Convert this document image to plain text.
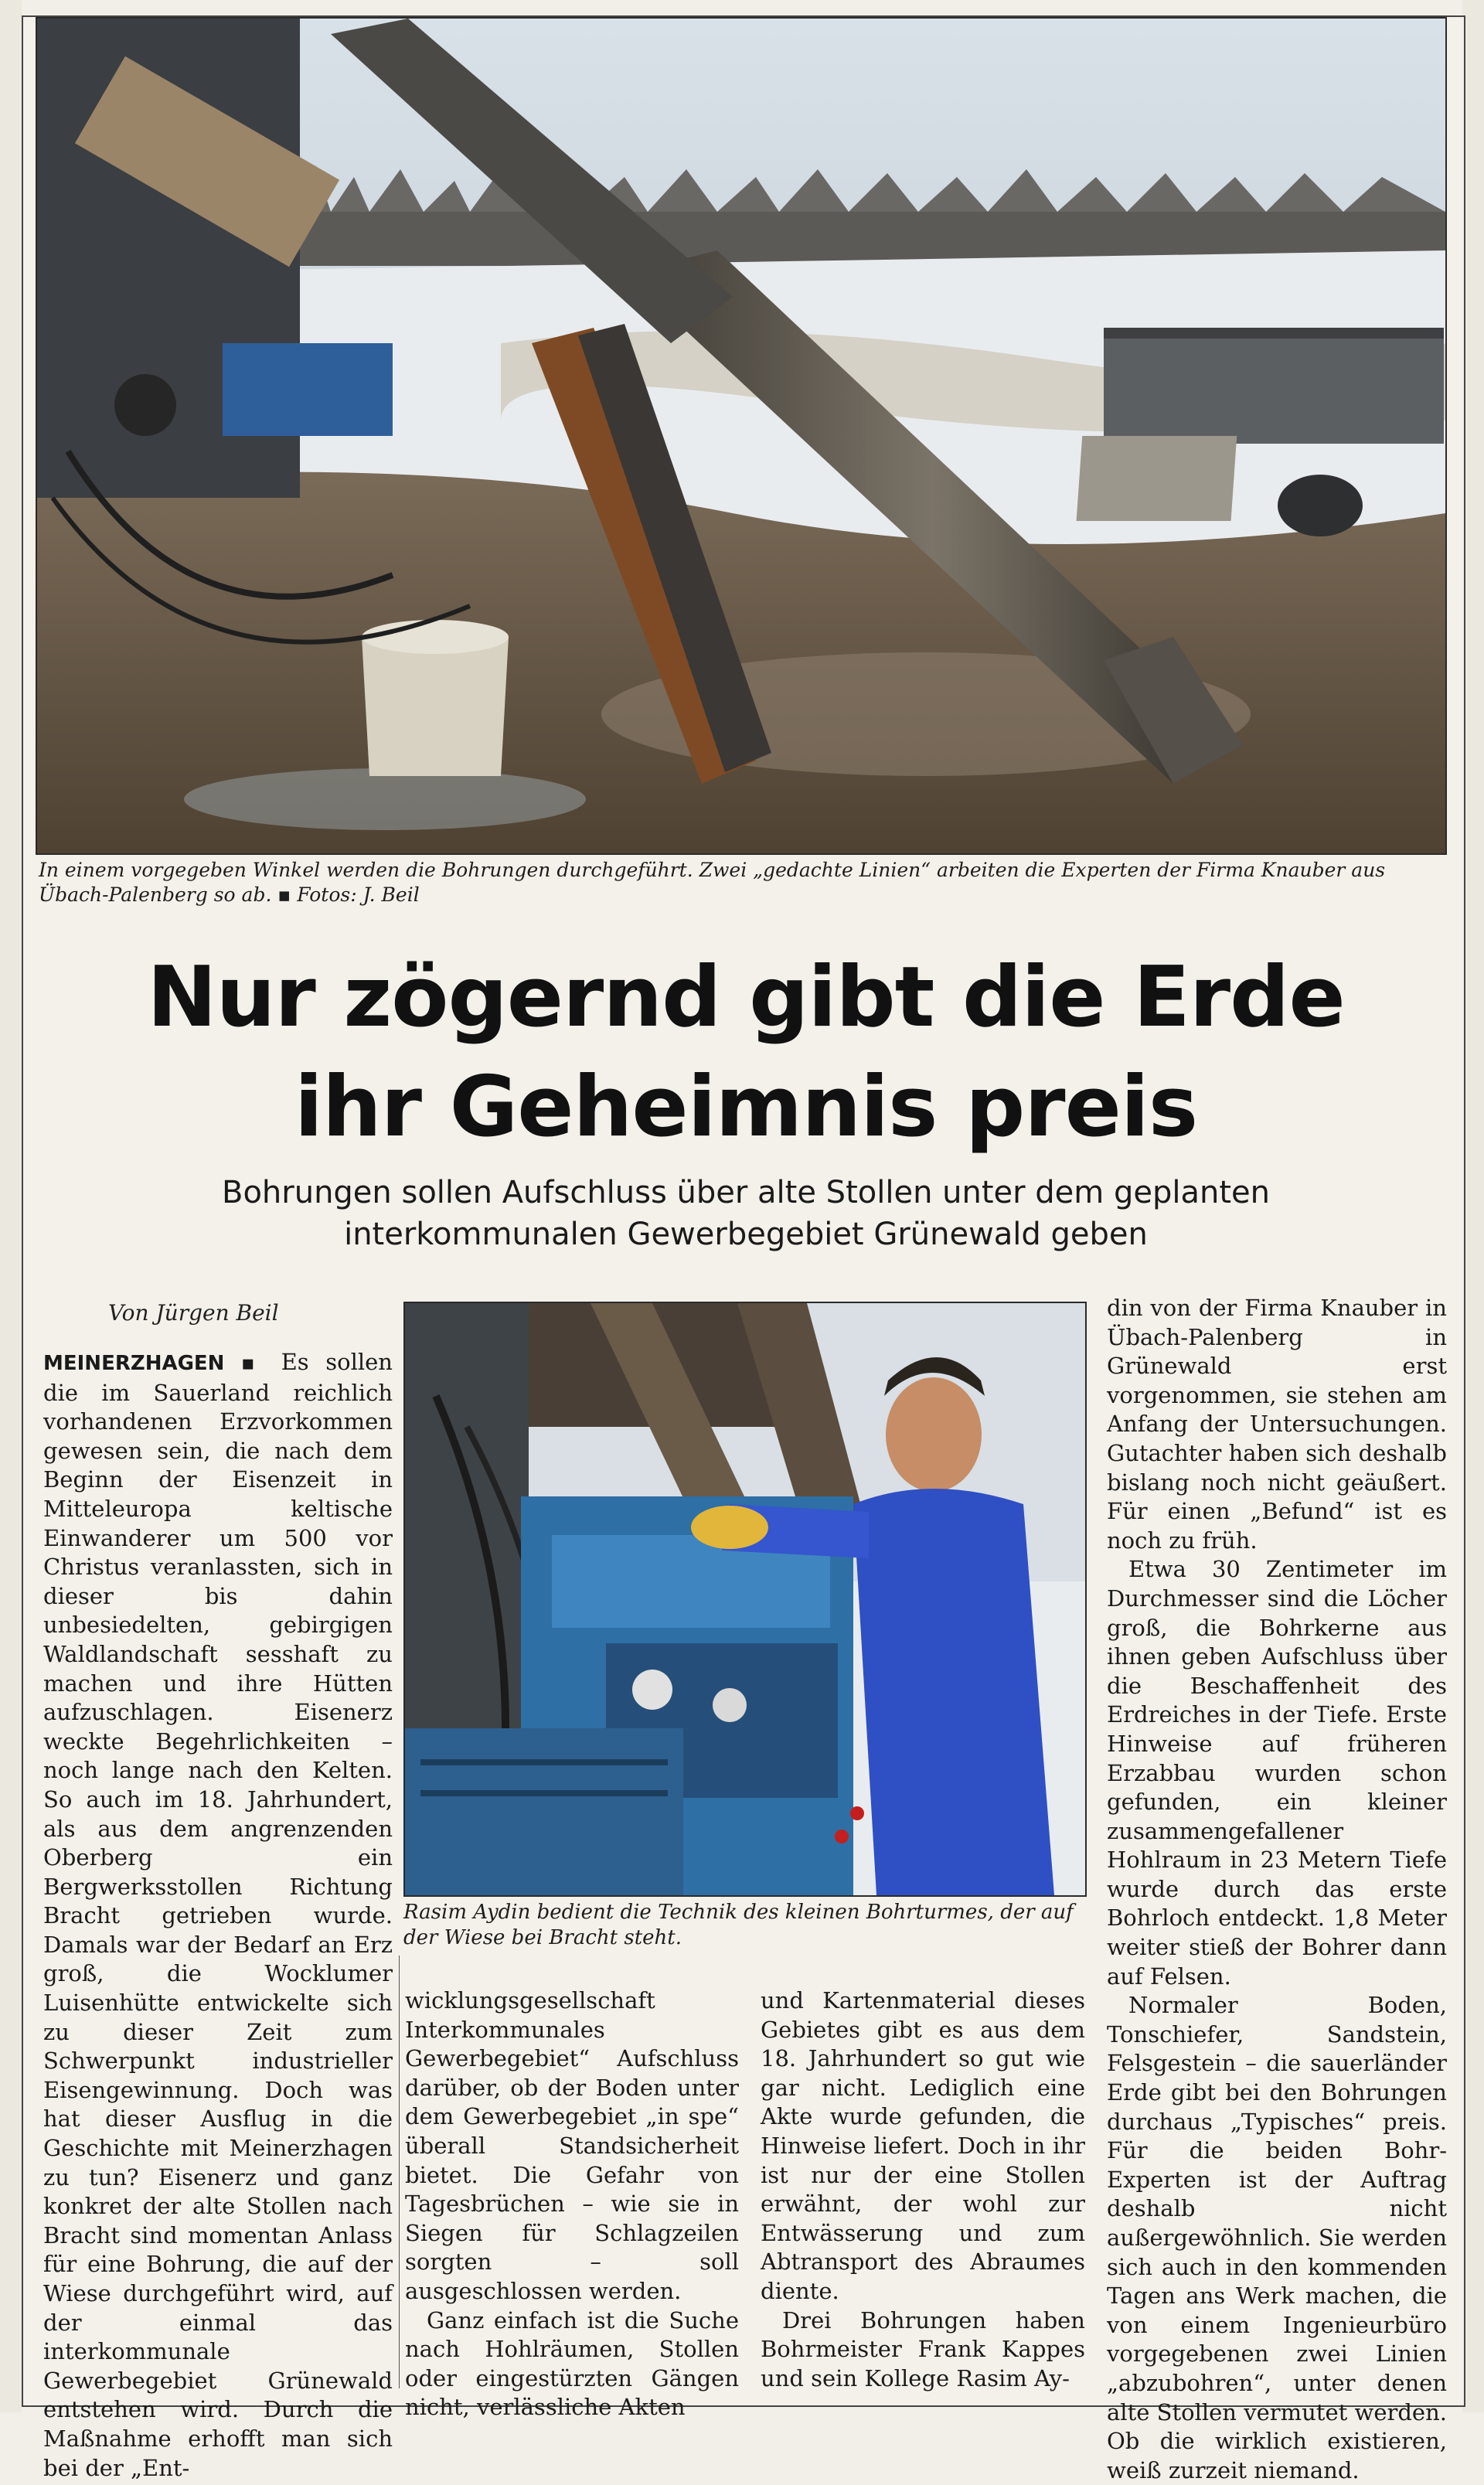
In einem vorgegeben Winkel werden die Bohrungen durchgeführt. Zwei „gedachte Linien“ arbeiten die Experten der Firma Knauber aus Übach-Palenberg so ab. ▪ Fotos: J. Beil
Nur zögernd gibt die Erde
ihr Geheimnis preis
Bohrungen sollen Aufschluss über alte Stollen unter dem geplanten
interkommunalen Gewerbegebiet Grünewald geben
Von Jürgen Beil
Rasim Aydin bedient die Technik des kleinen Bohrturmes, der auf der Wiese bei Bracht steht.

MEINERZHAGEN ▪ Es sollen die im Sauerland reichlich vorhandenen Erzvorkommen gewesen sein, die nach dem Beginn der Eisenzeit in Mitteleuropa keltische Einwanderer um 500 vor Christus veranlassten, sich in dieser bis dahin unbesiedelten, gebirgigen Waldlandschaft sesshaft zu machen und ihre Hütten aufzuschlagen. Eisenerz weckte Begehrlichkeiten – noch lange nach den Kelten. So auch im 18. Jahrhundert, als aus dem angrenzenden Oberberg ein Bergwerksstollen Richtung Bracht getrieben wurde. Damals war der Bedarf an Erz groß, die Wocklumer Luisenhütte entwickelte sich zu dieser Zeit zum Schwerpunkt industrieller Eisengewinnung. Doch was hat dieser Ausflug in die Geschichte mit Meinerzhagen zu tun? Eisenerz und ganz konkret der alte Stollen nach Bracht sind momentan Anlass für eine Bohrung, die auf der Wiese durchgeführt wird, auf der einmal das interkommunale Gewerbegebiet Grünewald entstehen wird. Durch die Maßnahme erhofft man sich bei der „Ent-

wicklungsgesellschaft Interkommunales Gewerbegebiet“ Aufschluss darüber, ob der Boden unter dem Gewerbegebiet „in spe“ überall Standsicherheit bietet. Die Gefahr von Tagesbrüchen – wie sie in Siegen für Schlagzeilen sorgten – soll ausgeschlossen werden.

Ganz einfach ist die Suche nach Hohlräumen, Stollen oder eingestürzten Gängen nicht, verlässliche Akten

und Kartenmaterial dieses Gebietes gibt es aus dem 18. Jahrhundert so gut wie gar nicht. Lediglich eine Akte wurde gefunden, die Hinweise liefert. Doch in ihr ist nur der eine Stollen erwähnt, der wohl zur Entwässerung und zum Abtransport des Abraumes diente.

Drei Bohrungen haben Bohrmeister Frank Kappes und sein Kollege Rasim Ay-

din von der Firma Knauber in Übach-Palenberg in Grünewald erst vorgenommen, sie stehen am Anfang der Untersuchungen. Gutachter haben sich deshalb bislang noch nicht geäußert. Für einen „Befund“ ist es noch zu früh.

Etwa 30 Zentimeter im Durchmesser sind die Löcher groß, die Bohrkerne aus ihnen geben Aufschluss über die Beschaffenheit des Erdreiches in der Tiefe. Erste Hinweise auf früheren Erzabbau wurden schon gefunden, ein kleiner zusammengefallener Hohlraum in 23 Metern Tiefe wurde durch das erste Bohrloch entdeckt. 1,8 Meter weiter stieß der Bohrer dann auf Felsen.

Normaler Boden, Tonschiefer, Sandstein, Felsgestein – die sauerländer Erde gibt bei den Bohrungen durchaus „Typisches“ preis. Für die beiden Bohr-Experten ist der Auftrag deshalb nicht außergewöhnlich. Sie werden sich auch in den kommenden Tagen ans Werk machen, die von einem Ingenieurbüro vorgegebenen zwei Linien „abzubohren“, unter denen alte Stollen vermutet werden. Ob die wirklich existieren, weiß zurzeit niemand.
